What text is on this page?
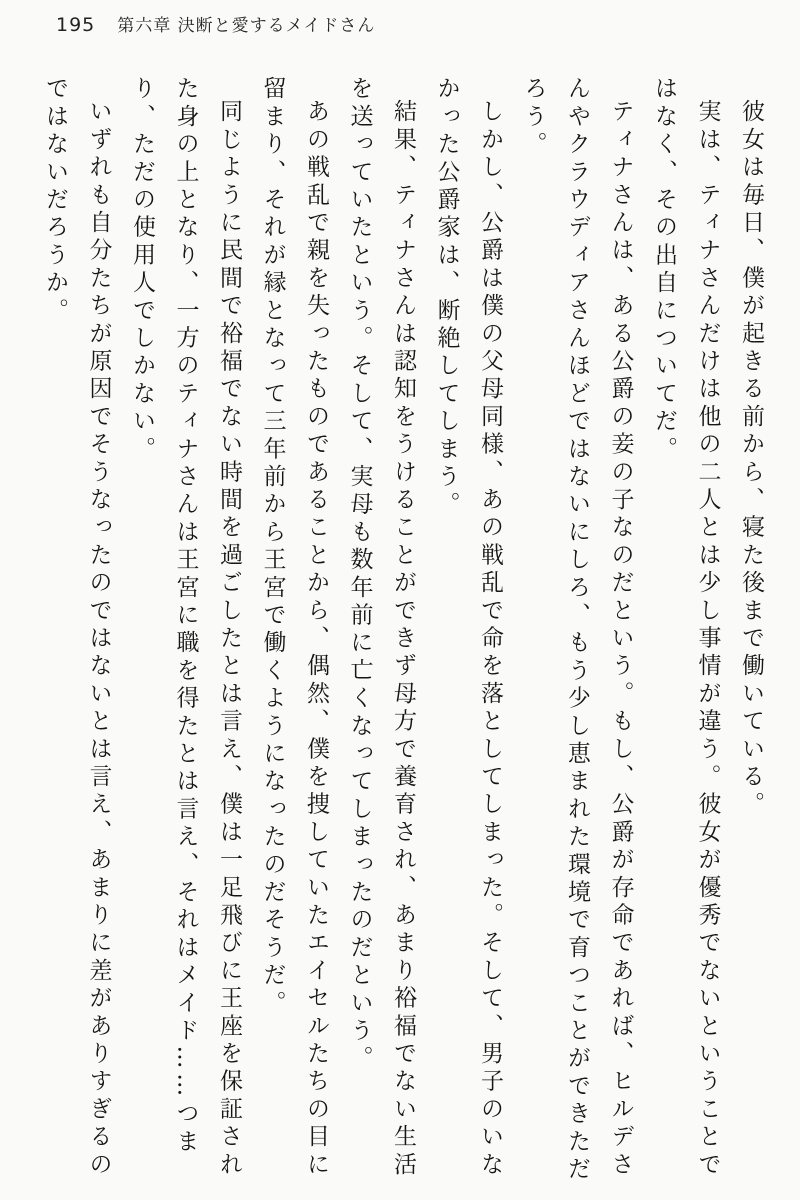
195 第六章 決断と愛するメイドさん

彼女は毎日、僕が起きる前から、寝た後まで働いている。

実は、ティナさんだけは他の二人とは少し事情が違う。彼女が優秀でないということではなく、その出自についてだ。

ティナさんは、ある公爵の妾の子なのだという。もし、公爵が存命であれば、ヒルデさんやクラウディアさんほどではないにしろ、もう少し恵まれた環境で育つことができただろう。

しかし、公爵は僕の父母同様、あの戦乱で命を落としてしまった。そして、男子のいなかった公爵家は、断絶してしまう。

結果、ティナさんは認知をうけることができず母方で養育され、あまり裕福でない生活を送っていたという。そして、実母も数年前に亡くなってしまったのだという。

あの戦乱で親を失ったものであることから、偶然、僕を捜していたエイセルたちの目に留まり、それが縁となって三年前から王宮で働くようになったのだそうだ。

同じように民間で裕福でない時間を過ごしたとは言え、僕は一足飛びに王座を保証された身の上となり、一方のティナさんは王宮に職を得たとは言え、それはメイド……つまり、ただの使用人でしかない。

いずれも自分たちが原因でそうなったのではないとは言え、あまりに差がありすぎるのではないだろうか。
